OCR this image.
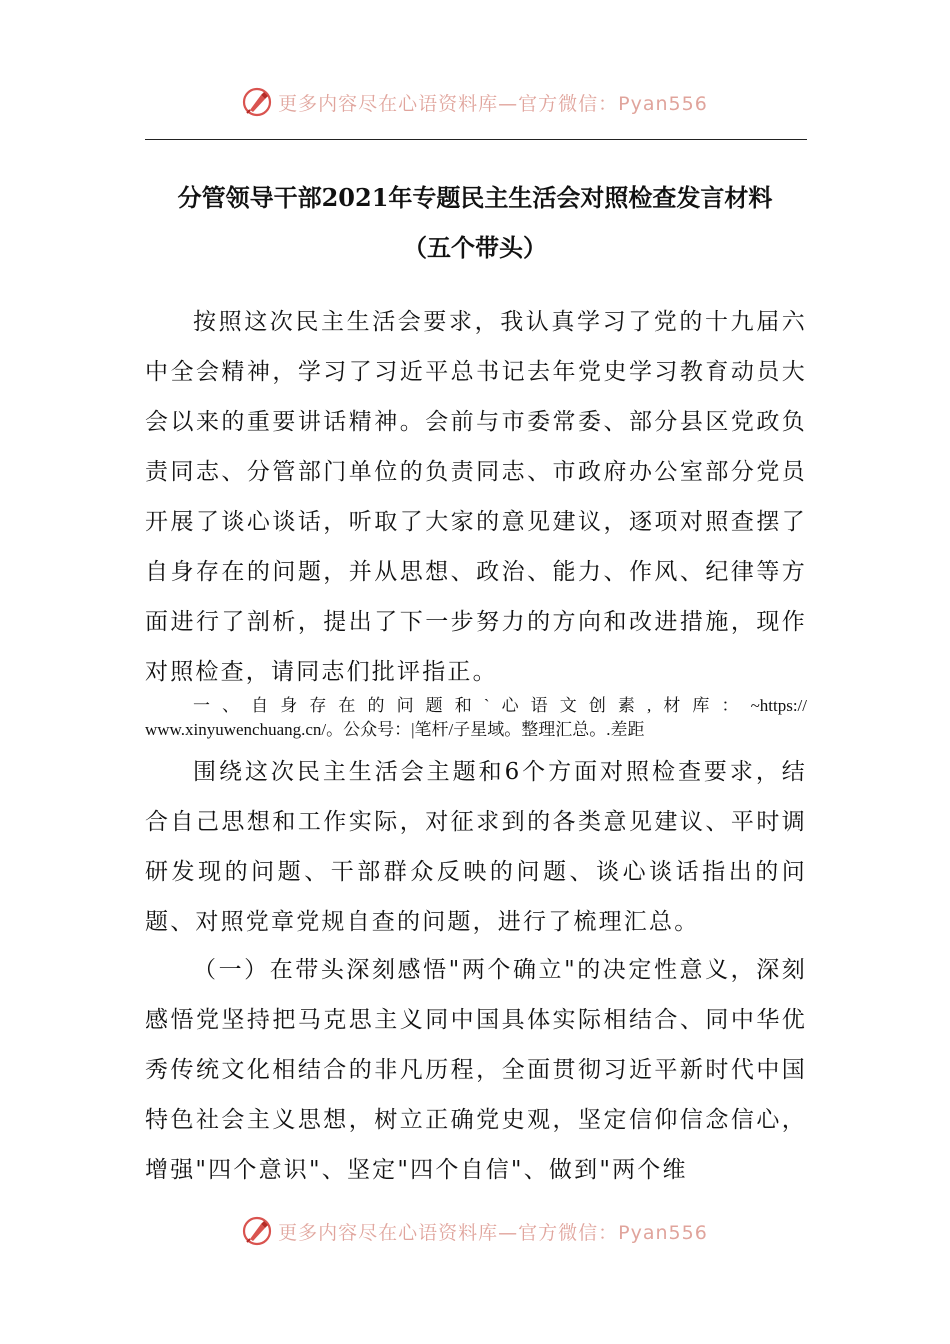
更多内容尽在心语资料库—官方微信：Pyan556
分管领导干部2021年专题民主生活会对照检查发言材料
（五个带头）

按照这次民主生活会要求，我认真学习了党的十九届六中全会精神，学习了习近平总书记去年党史学习教育动员大会以来的重要讲话精神。会前与市委常委、部分县区党政负责同志、分管部门单位的负责同志、市政府办公室部分党员开展了谈心谈话，听取了大家的意见建议，逐项对照查摆了自身存在的问题，并从思想、政治、能力、作风、纪律等方面进行了剖析，提出了下一步努力的方向和改进措施，现作对照检查，请同志们批评指正。

一、自身存在的问题和`心语文创素,材库：~https://

www.xinyuwenchuang.cn/。公众号：|笔杆/子星域。整理汇总。.差距

围绕这次民主生活会主题和6个方面对照检查要求，结合自己思想和工作实际，对征求到的各类意见建议、平时调研发现的问题、干部群众反映的问题、谈心谈话指出的问题、对照党章党规自查的问题，进行了梳理汇总。

（一）在带头深刻感悟"两个确立"的决定性意义，深刻感悟党坚持把马克思主义同中国具体实际相结合、同中华优秀传统文化相结合的非凡历程，全面贯彻习近平新时代中国特色社会主义思想，树立正确党史观，坚定信仰信念信心，增强"四个意识"、坚定"四个自信"、做到"两个维

更多内容尽在心语资料库—官方微信：Pyan556
